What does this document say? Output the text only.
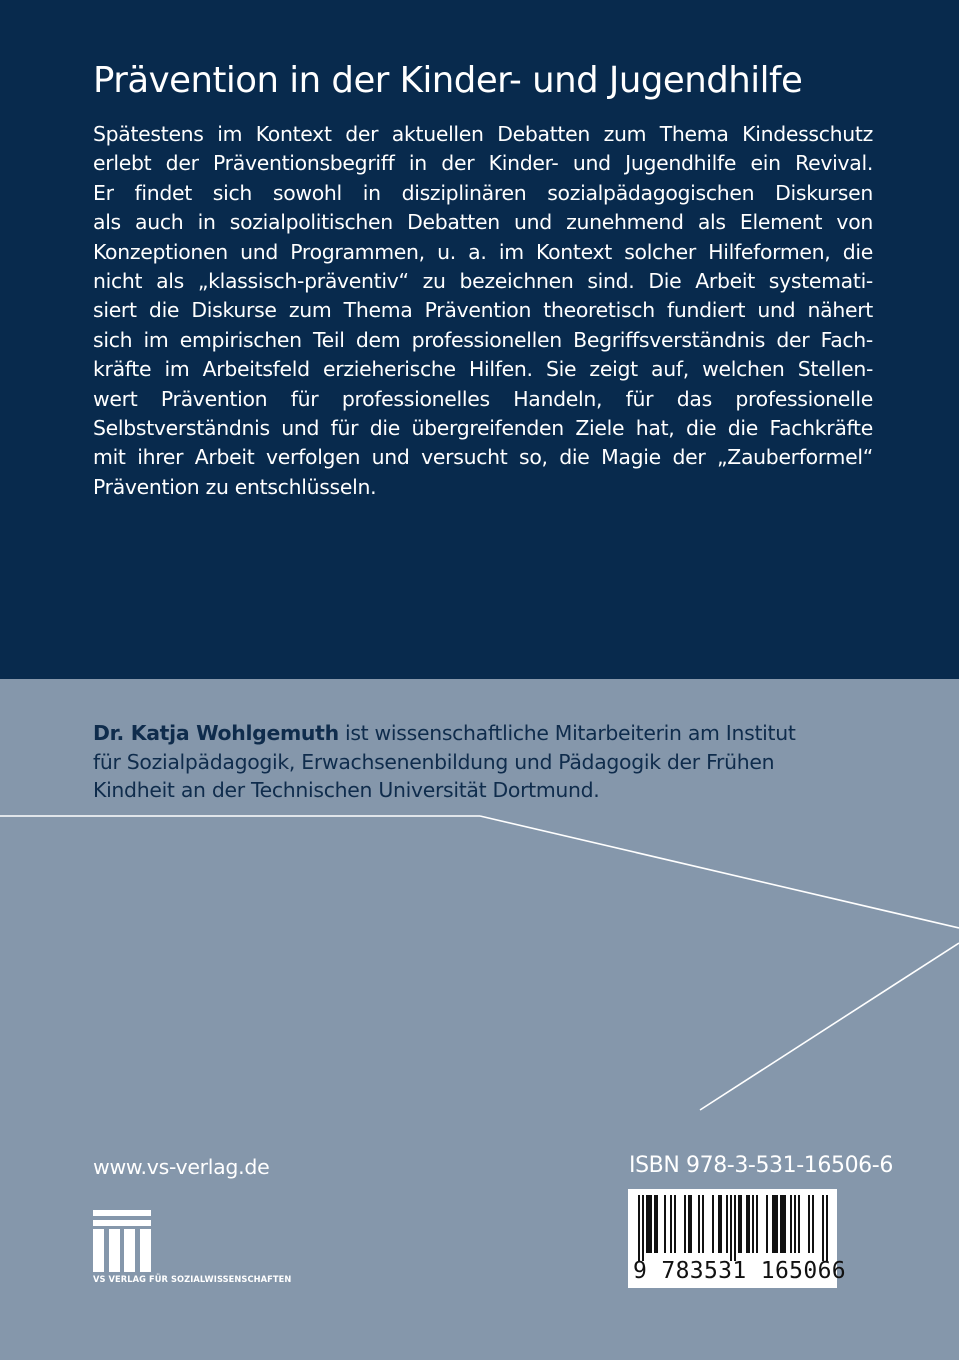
Prävention in der Kinder- und Jugendhilfe
Spätestens im Kontext der aktuellen Debatten zum Thema Kindesschutz
erlebt der Präventionsbegriff in der Kinder- und Jugendhilfe ein Revival.
Er findet sich sowohl in disziplinären sozialpädagogischen Diskursen
als auch in sozialpolitischen Debatten und zunehmend als Element von
Konzeptionen und Programmen, u. a. im Kontext solcher Hilfeformen, die
nicht als „klassisch-präventiv“ zu bezeichnen sind. Die Arbeit systemati-
siert die Diskurse zum Thema Prävention theoretisch fundiert und nähert
sich im empirischen Teil dem professionellen Begriffsverständnis der Fach-
kräfte im Arbeitsfeld erzieherische Hilfen. Sie zeigt auf, welchen Stellen-
wert Prävention für professionelles Handeln, für das professionelle
Selbstverständnis und für die übergreifenden Ziele hat, die die Fachkräfte
mit ihrer Arbeit verfolgen und versucht so, die Magie der „Zauberformel“
Prävention zu entschlüsseln.
Dr. Katja Wohlgemuth ist wissenschaftliche Mitarbeiterin am Institut
für Sozialpädagogik, Erwachsenenbildung und Pädagogik der Frühen
Kindheit an der Technischen Universität Dortmund.
www.vs-verlag.de
VS VERLAG FÜR SOZIALWISSENSCHAFTEN
ISBN 978-3-531-16506-6
9 783531 165066
